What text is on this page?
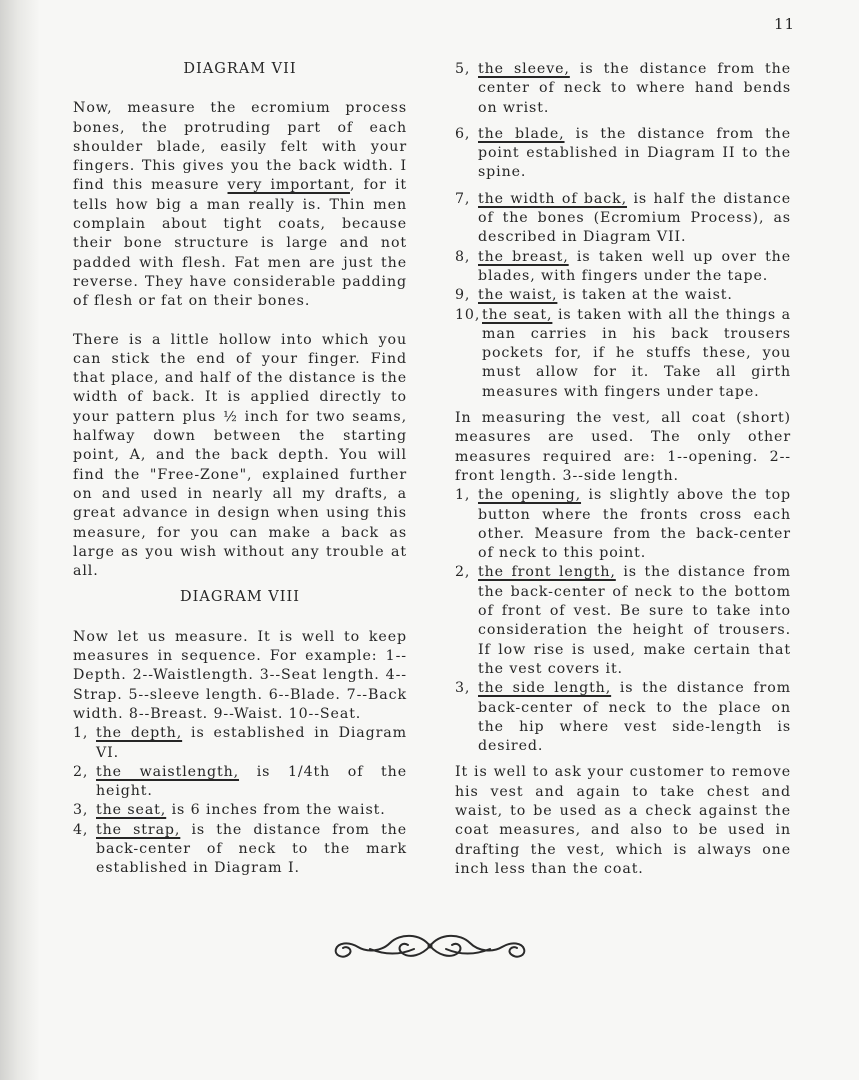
11

DIAGRAM VII

Now, measure the ecromium process bones, the protruding part of each shoulder blade, easily felt with your fingers. This gives you the back width. I find this measure very important, for it tells how big a man really is. Thin men complain about tight coats, because their bone structure is large and not padded with flesh. Fat men are just the reverse. They have considerable padding of flesh or fat on their bones.

There is a little hollow into which you can stick the end of your finger. Find that place, and half of the distance is the width of back. It is applied directly to your pattern plus ½ inch for two seams, halfway down between the starting point, A, and the back depth. You will find the "Free-Zone", explained further on and used in nearly all my drafts, a great advance in design when using this measure, for you can make a back as large as you wish without any trouble at all.

DIAGRAM VIII

Now let us measure. It is well to keep measures in sequence. For example: 1--Depth. 2--Waistlength. 3--Seat length. 4--Strap. 5--sleeve length. 6--Blade. 7--Back width. 8--Breast. 9--Waist. 10--Seat.

1, the depth, is established in Diagram VI.

2, the waistlength, is 1/4th of the height.

3, the seat, is 6 inches from the waist.

4, the strap, is the distance from the back-center of neck to the mark established in Diagram I.

5, the sleeve, is the distance from the center of neck to where hand bends on wrist.

6, the blade, is the distance from the point established in Diagram II to the spine.

7, the width of back, is half the distance of the bones (Ecromium Process), as described in Diagram VII.

8, the breast, is taken well up over the blades, with fingers under the tape.

9, the waist, is taken at the waist.

10, the seat, is taken with all the things a man carries in his back trousers pockets for, if he stuffs these, you must allow for it. Take all girth measures with fingers under tape.

In measuring the vest, all coat (short) measures are used. The only other measures required are: 1--opening. 2--front length. 3--side length.

1, the opening, is slightly above the top button where the fronts cross each other. Measure from the back-center of neck to this point.

2, the front length, is the distance from the back-center of neck to the bottom of front of vest. Be sure to take into consideration the height of trousers. If low rise is used, make certain that the vest covers it.

3, the side length, is the distance from back-center of neck to the place on the hip where vest side-length is desired.

It is well to ask your customer to remove his vest and again to take chest and waist, to be used as a check against the coat measures, and also to be used in drafting the vest, which is always one inch less than the coat.
